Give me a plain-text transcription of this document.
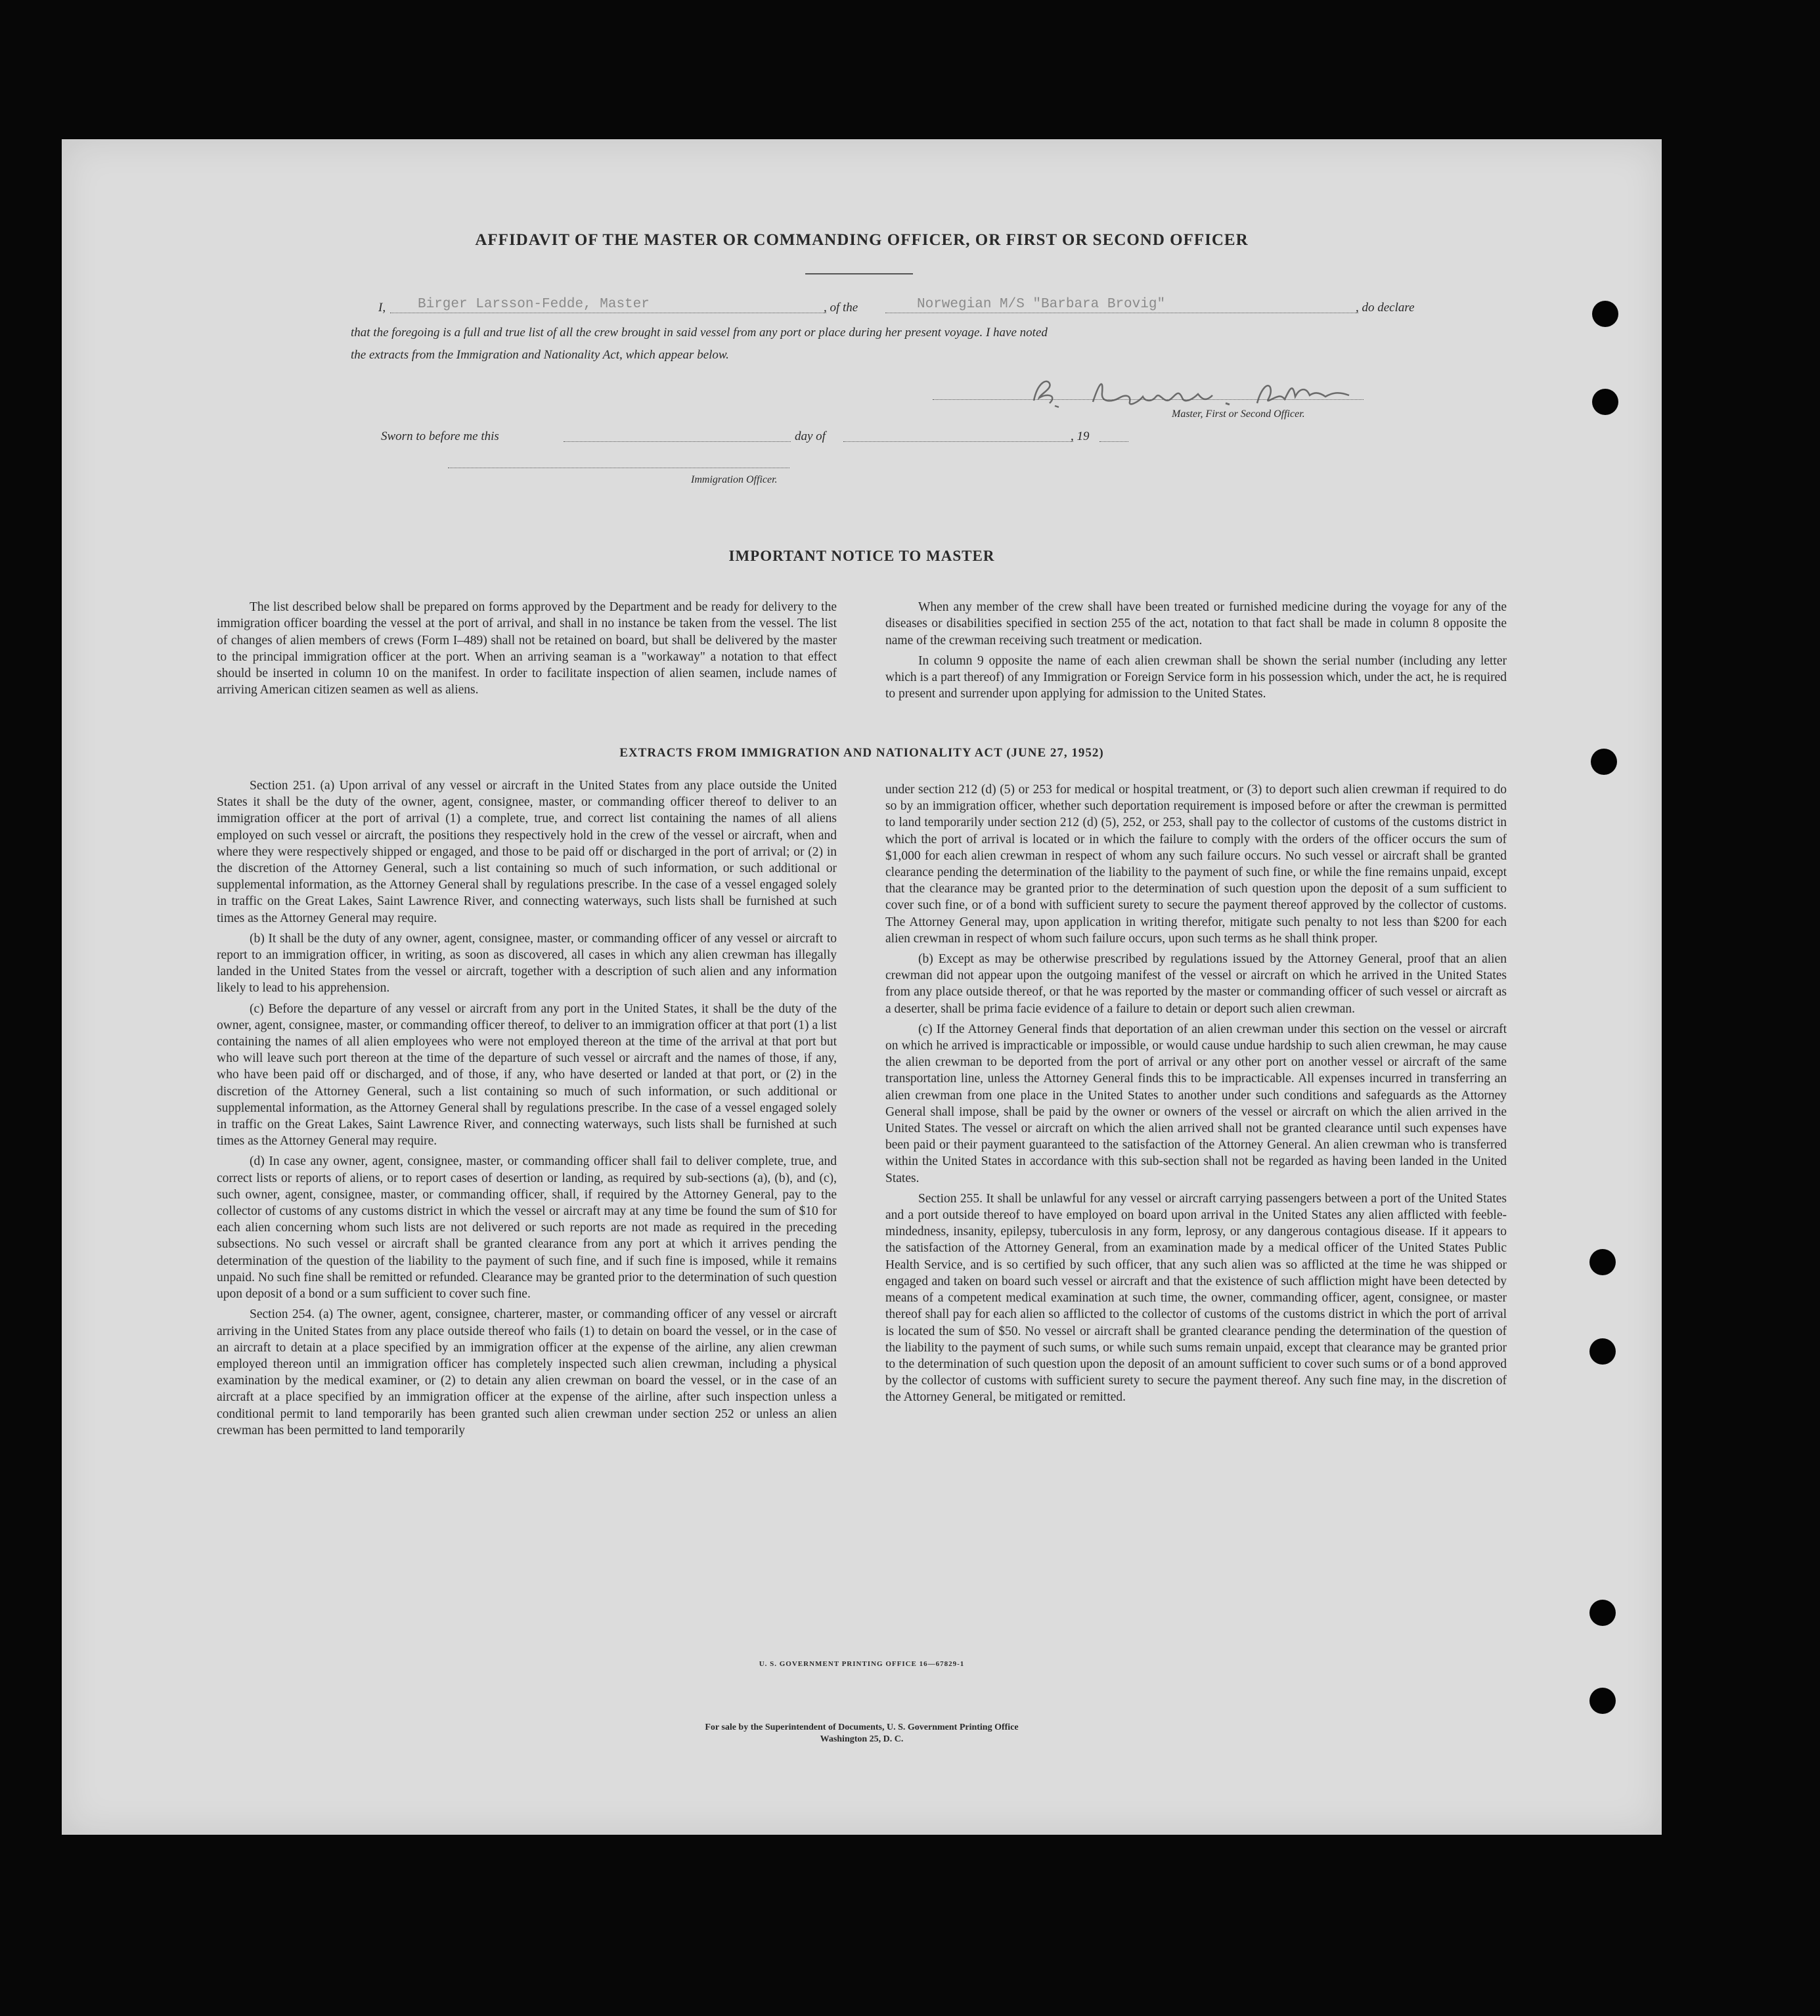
AFFIDAVIT OF THE MASTER OR COMMANDING OFFICER, OR FIRST OR SECOND OFFICER
I, Birger Larsson-Fedde, Master	, of the	Norwegian M/S "Barbara Brovig"	, do declare
that the foregoing is a full and true list of all the crew brought in said vessel from any port or place during her present voyage. I have noted
the extracts from the Immigration and Nationality Act, which appear below.
Master, First or Second Officer.
Sworn to before me this	day of	, 19
Immigration Officer.
IMPORTANT NOTICE TO MASTER

The list described below shall be prepared on forms approved by the Department and be ready for delivery to the immigration officer boarding the vessel at the port of arrival, and shall in no instance be taken from the vessel. The list of changes of alien members of crews (Form I–489) shall not be retained on board, but shall be delivered by the master to the principal immigration officer at the port. When an arriving seaman is a "workaway" a notation to that effect should be inserted in column 10 on the manifest. In order to facilitate inspection of alien seamen, include names of arriving American citizen seamen as well as aliens.

When any member of the crew shall have been treated or furnished medicine during the voyage for any of the diseases or disabilities specified in section 255 of the act, notation to that fact shall be made in column 8 opposite the name of the crewman receiving such treatment or medication.

In column 9 opposite the name of each alien crewman shall be shown the serial number (including any letter which is a part thereof) of any Immigration or Foreign Service form in his possession which, under the act, he is required to present and surrender upon applying for admission to the United States.

EXTRACTS FROM IMMIGRATION AND NATIONALITY ACT (JUNE 27, 1952)

Section 251. (a) Upon arrival of any vessel or aircraft in the United States from any place outside the United States it shall be the duty of the owner, agent, consignee, master, or commanding officer thereof to deliver to an immigration officer at the port of arrival (1) a complete, true, and correct list containing the names of all aliens employed on such vessel or aircraft, the positions they respectively hold in the crew of the vessel or aircraft, when and where they were respectively shipped or engaged, and those to be paid off or discharged in the port of arrival; or (2) in the discretion of the Attorney General, such a list containing so much of such information, or such additional or supplemental information, as the Attorney General shall by regulations prescribe. In the case of a vessel engaged solely in traffic on the Great Lakes, Saint Lawrence River, and connecting waterways, such lists shall be furnished at such times as the Attorney General may require.

(b) It shall be the duty of any owner, agent, consignee, master, or commanding officer of any vessel or aircraft to report to an immigration officer, in writing, as soon as discovered, all cases in which any alien crewman has illegally landed in the United States from the vessel or aircraft, together with a description of such alien and any information likely to lead to his apprehension.

(c) Before the departure of any vessel or aircraft from any port in the United States, it shall be the duty of the owner, agent, consignee, master, or commanding officer thereof, to deliver to an immigration officer at that port (1) a list containing the names of all alien employees who were not employed thereon at the time of the arrival at that port but who will leave such port thereon at the time of the departure of such vessel or aircraft and the names of those, if any, who have been paid off or discharged, and of those, if any, who have deserted or landed at that port, or (2) in the discretion of the Attorney General, such a list containing so much of such information, or such additional or supplemental information, as the Attorney General shall by regulations prescribe. In the case of a vessel engaged solely in traffic on the Great Lakes, Saint Lawrence River, and connecting waterways, such lists shall be furnished at such times as the Attorney General may require.

(d) In case any owner, agent, consignee, master, or commanding officer shall fail to deliver complete, true, and correct lists or reports of aliens, or to report cases of desertion or landing, as required by sub-sections (a), (b), and (c), such owner, agent, consignee, master, or commanding officer, shall, if required by the Attorney General, pay to the collector of customs of any customs district in which the vessel or aircraft may at any time be found the sum of $10 for each alien concerning whom such lists are not delivered or such reports are not made as required in the preceding subsections. No such vessel or aircraft shall be granted clearance from any port at which it arrives pending the determination of the question of the liability to the payment of such fine, and if such fine is imposed, while it remains unpaid. No such fine shall be remitted or refunded. Clearance may be granted prior to the determination of such question upon deposit of a bond or a sum sufficient to cover such fine.

Section 254. (a) The owner, agent, consignee, charterer, master, or commanding officer of any vessel or aircraft arriving in the United States from any place outside thereof who fails (1) to detain on board the vessel, or in the case of an aircraft to detain at a place specified by an immigration officer at the expense of the airline, any alien crewman employed thereon until an immigration officer has completely inspected such alien crewman, including a physical examination by the medical examiner, or (2) to detain any alien crewman on board the vessel, or in the case of an aircraft at a place specified by an immigration officer at the expense of the airline, after such inspection unless a conditional permit to land temporarily has been granted such alien crewman under section 252 or unless an alien crewman has been permitted to land temporarily

under section 212 (d) (5) or 253 for medical or hospital treatment, or (3) to deport such alien crewman if required to do so by an immigration officer, whether such deportation requirement is imposed before or after the crewman is permitted to land temporarily under section 212 (d) (5), 252, or 253, shall pay to the collector of customs of the customs district in which the port of arrival is located or in which the failure to comply with the orders of the officer occurs the sum of $1,000 for each alien crewman in respect of whom any such failure occurs. No such vessel or aircraft shall be granted clearance pending the determination of the liability to the payment of such fine, or while the fine remains unpaid, except that the clearance may be granted prior to the determination of such question upon the deposit of a sum sufficient to cover such fine, or of a bond with sufficient surety to secure the payment thereof approved by the collector of customs. The Attorney General may, upon application in writing therefor, mitigate such penalty to not less than $200 for each alien crewman in respect of whom such failure occurs, upon such terms as he shall think proper.

(b) Except as may be otherwise prescribed by regulations issued by the Attorney General, proof that an alien crewman did not appear upon the outgoing manifest of the vessel or aircraft on which he arrived in the United States from any place outside thereof, or that he was reported by the master or commanding officer of such vessel or aircraft as a deserter, shall be prima facie evidence of a failure to detain or deport such alien crewman.

(c) If the Attorney General finds that deportation of an alien crewman under this section on the vessel or aircraft on which he arrived is impracticable or impossible, or would cause undue hardship to such alien crewman, he may cause the alien crewman to be deported from the port of arrival or any other port on another vessel or aircraft of the same transportation line, unless the Attorney General finds this to be impracticable. All expenses incurred in transferring an alien crewman from one place in the United States to another under such conditions and safeguards as the Attorney General shall impose, shall be paid by the owner or owners of the vessel or aircraft on which the alien arrived in the United States. The vessel or aircraft on which the alien arrived shall not be granted clearance until such expenses have been paid or their payment guaranteed to the satisfaction of the Attorney General. An alien crewman who is transferred within the United States in accordance with this sub-section shall not be regarded as having been landed in the United States.

Section 255. It shall be unlawful for any vessel or aircraft carrying passengers between a port of the United States and a port outside thereof to have employed on board upon arrival in the United States any alien afflicted with feeble-mindedness, insanity, epilepsy, tuberculosis in any form, leprosy, or any dangerous contagious disease. If it appears to the satisfaction of the Attorney General, from an examination made by a medical officer of the United States Public Health Service, and is so certified by such officer, that any such alien was so afflicted at the time he was shipped or engaged and taken on board such vessel or aircraft and that the existence of such affliction might have been detected by means of a competent medical examination at such time, the owner, commanding officer, agent, consignee, or master thereof shall pay for each alien so afflicted to the collector of customs of the customs district in which the port of arrival is located the sum of $50. No vessel or aircraft shall be granted clearance pending the determination of the question of the liability to the payment of such sums, or while such sums remain unpaid, except that clearance may be granted prior to the determination of such question upon the deposit of an amount sufficient to cover such sums or of a bond approved by the collector of customs with sufficient surety to secure the payment thereof. Any such fine may, in the discretion of the Attorney General, be mitigated or remitted.

U. S. GOVERNMENT PRINTING OFFICE 16—67829-1
For sale by the Superintendent of Documents, U. S. Government Printing Office
Washington 25, D. C.
